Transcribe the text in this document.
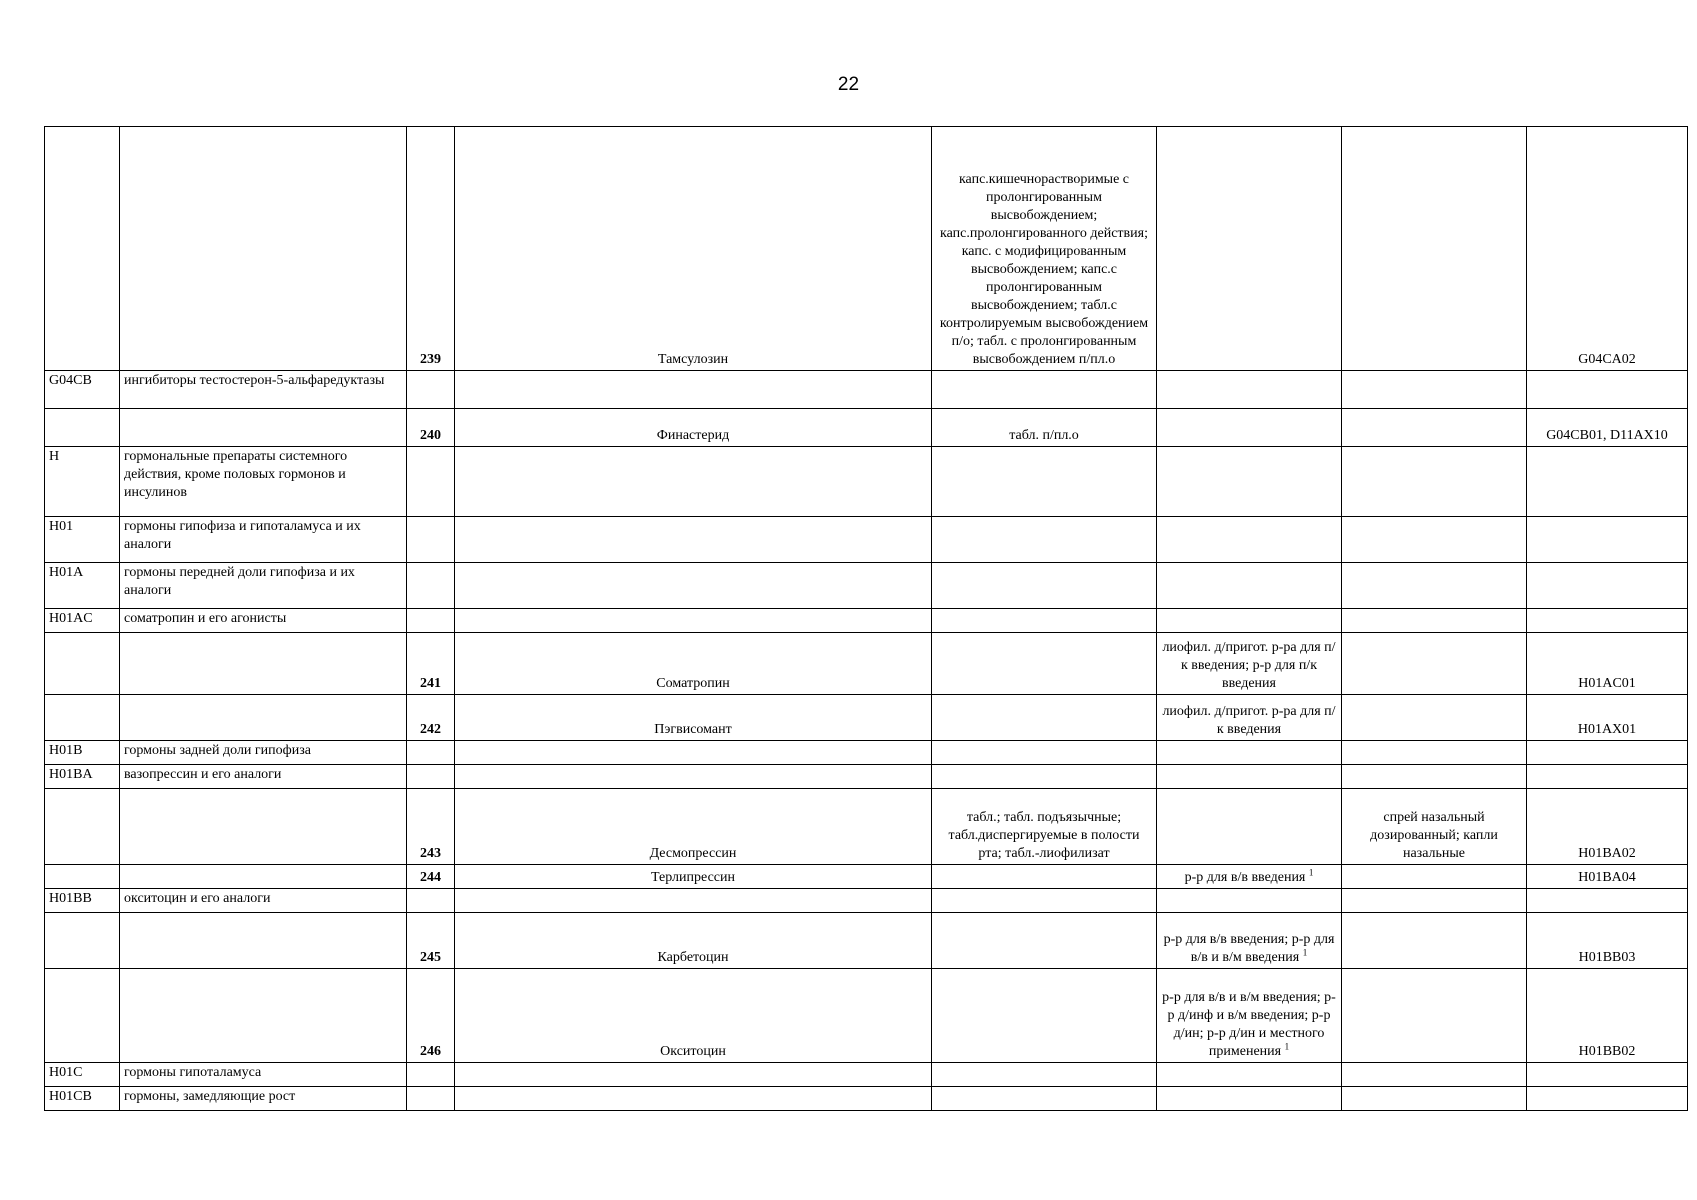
22
		239	Тамсулозин	капс.кишечнорастворимые с пролонгированным высвобождением; капс.пролонгированного действия; капс. с модифицированным высвобождением; капс.с пролонгированным высвобождением; табл.с контролируемым высвобождением п/о; табл. с пролонгированным высвобождением п/пл.о			G04CA02
G04CB	ингибиторы тестостерон-5-альфаредуктазы						
		240	Финастерид	табл. п/пл.о			G04CB01, D11AX10
H	гормональные препараты системного действия, кроме половых гормонов и инсулинов						
H01	гормоны гипофиза и гипоталамуса и их аналоги						
H01A	гормоны передней доли гипофиза и их аналоги						
H01AC	соматропин и его агонисты						
		241	Соматропин		лиофил. д/пригот. р-ра для п/к введения; р-р для п/к введения		H01AC01
		242	Пэгвисомант		лиофил. д/пригот. р-ра для п/к введения		H01AX01
H01B	гормоны задней доли гипофиза						
H01BA	вазопрессин и его аналоги						
		243	Десмопрессин	табл.; табл. подъязычные; табл.диспергируемые в полости рта; табл.-лиофилизат		спрей назальный дозированный; капли назальные	H01BA02
		244	Терлипрессин		р-р для в/в введения $^1$		H01BA04
H01BB	окситоцин и его аналоги						
		245	Карбетоцин		р-р для в/в введения; р-р для в/в и в/м введения $^1$		H01BB03
		246	Окситоцин		р-р для в/в и в/м введения; р-р д/инф и в/м введения; р-р д/ин; р-р д/ин и местного применения $^1$		H01BB02
H01C	гормоны гипоталамуса						
H01CB	гормоны, замедляющие рост						
